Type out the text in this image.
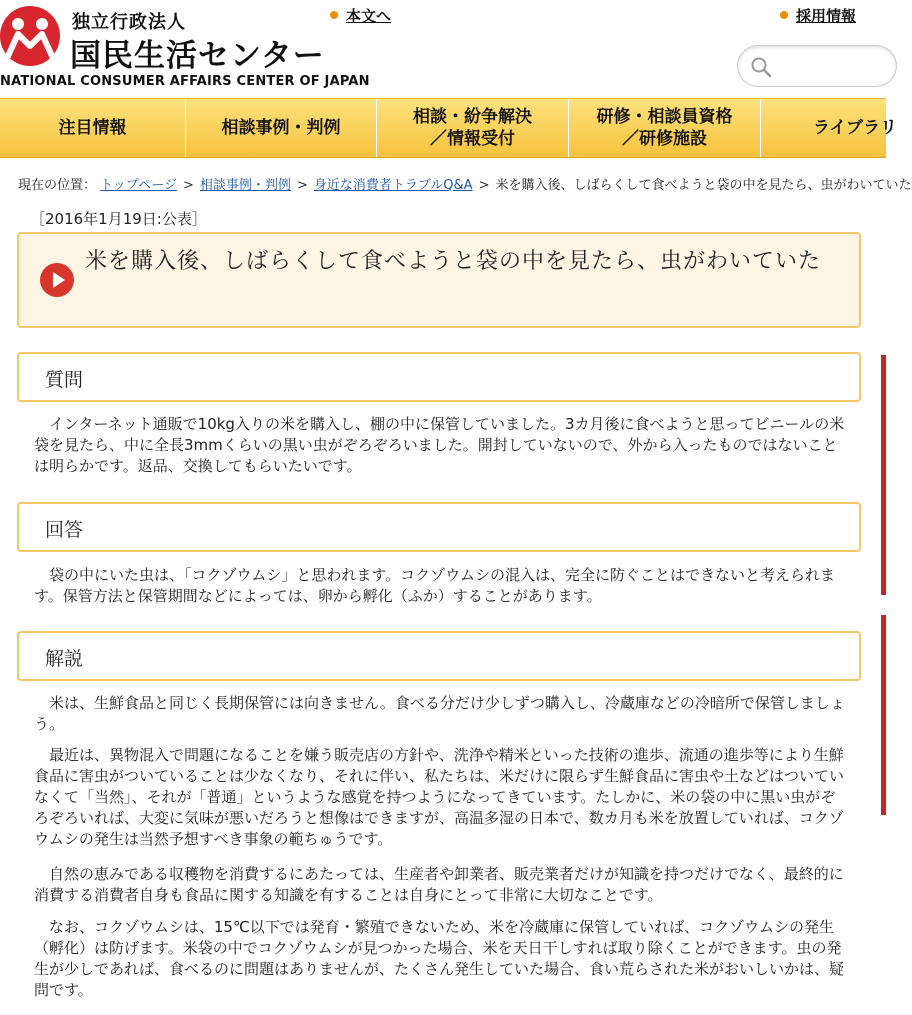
独立行政法人
国民生活センター
NATIONAL CONSUMER AFFAIRS CENTER OF JAPAN
本文へ	採用情報
注目情報	相談事例・判例
相談・紛争解決
／情報受付
研修・相談員資格
／研修施設
ライブラリ
現在の位置： トップページ > 相談事例・判例 > 身近な消費者トラブルQ&A > 米を購入後、しばらくして食べようと袋の中を見たら、虫がわいていた
［2016年1月19日:公表］
米を購入後、しばらくして食べようと袋の中を見たら、虫がわいていた
質問
インターネット通販で10kg入りの米を購入し、棚の中に保管していました。3カ月後に食べようと思ってビニールの米袋を見たら、中に全長3mmくらいの黒い虫がぞろぞろいました。開封していないので、外から入ったものではないことは明らかです。返品、交換してもらいたいです。
回答
袋の中にいた虫は、「コクゾウムシ」と思われます。コクゾウムシの混入は、完全に防ぐことはできないと考えられます。保管方法と保管期間などによっては、卵から孵化（ふか）することがあります。
解説
米は、生鮮食品と同じく長期保管には向きません。食べる分だけ少しずつ購入し、冷蔵庫などの冷暗所で保管しましょう。
最近は、異物混入で問題になることを嫌う販売店の方針や、洗浄や精米といった技術の進歩、流通の進歩等により生鮮食品に害虫がついていることは少なくなり、それに伴い、私たちは、米だけに限らず生鮮食品に害虫や土などはついていなくて「当然」、それが「普通」というような感覚を持つようになってきています。たしかに、米の袋の中に黒い虫がぞろぞろいれば、大変に気味が悪いだろうと想像はできますが、高温多湿の日本で、数カ月も米を放置していれば、コクゾウムシの発生は当然予想すべき事象の範ちゅうです。
自然の恵みである収穫物を消費するにあたっては、生産者や卸業者、販売業者だけが知識を持つだけでなく、最終的に消費する消費者自身も食品に関する知識を有することは自身にとって非常に大切なことです。
なお、コクゾウムシは、15℃以下では発育・繁殖できないため、米を冷蔵庫に保管していれば、コクゾウムシの発生（孵化）は防げます。米袋の中でコクゾウムシが見つかった場合、米を天日干しすれば取り除くことができます。虫の発生が少しであれば、食べるのに問題はありませんが、たくさん発生していた場合、食い荒らされた米がおいしいかは、疑問です。
